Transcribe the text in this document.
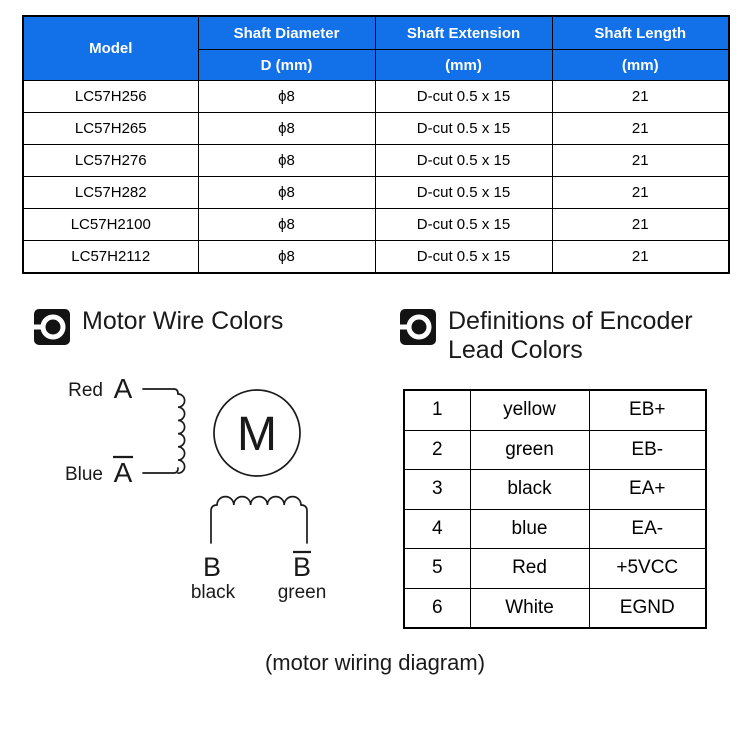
Model	Shaft Diameter	Shaft Extension	Shaft Length
	D (mm)	(mm)	(mm)
LC57H256	ϕ8	D-cut 0.5 x 15	21
LC57H265	ϕ8	D-cut 0.5 x 15	21
LC57H276	ϕ8	D-cut 0.5 x 15	21
LC57H282	ϕ8	D-cut 0.5 x 15	21
LC57H2100	ϕ8	D-cut 0.5 x 15	21
LC57H2112	ϕ8	D-cut 0.5 x 15	21
Motor Wire Colors
M
Red A
Blue A
B	B
black green
Definitions of Encoder
Lead Colors
1	yellow	EB+
2	green	EB-
3	black	EA+
4	blue	EA-
5	Red	+5VCC
6	White	EGND
(motor wiring diagram)
